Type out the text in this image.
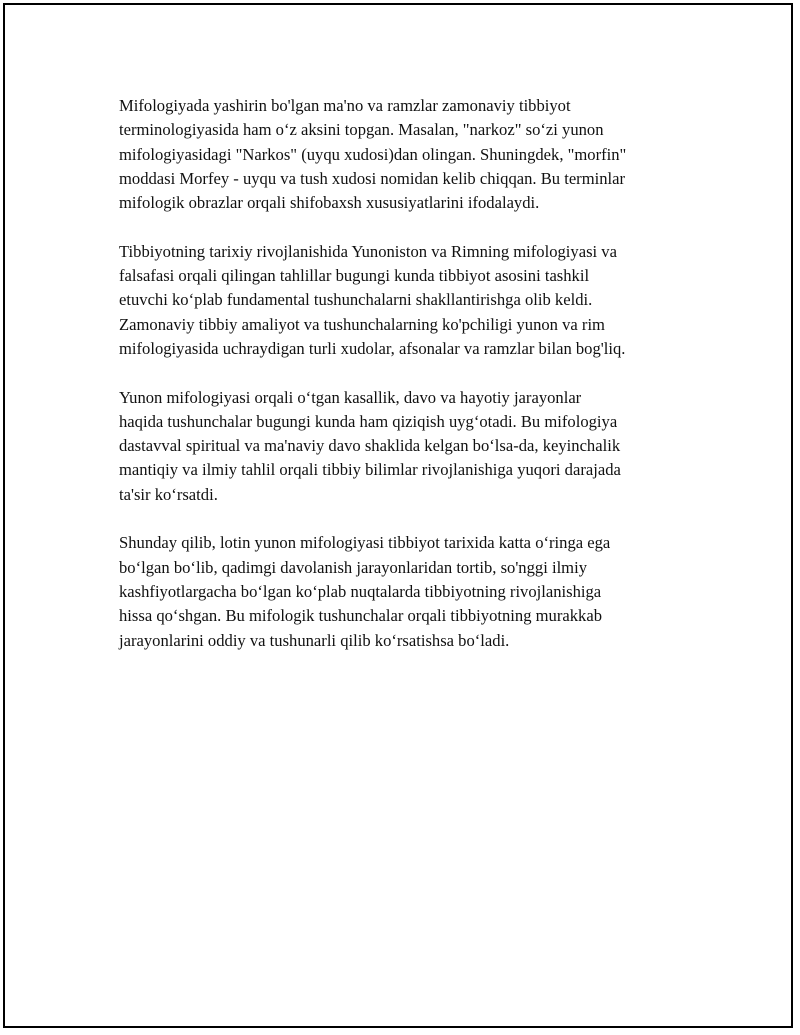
Mifologiyada yashirin bo'lgan ma'no va ramzlar zamonaviy tibbiyot
terminologiyasida ham o‘z aksini topgan. Masalan, "narkoz" so‘zi yunon
mifologiyasidagi "Narkos" (uyqu xudosi)dan olingan. Shuningdek, "morfin"
moddasi Morfey - uyqu va tush xudosi nomidan kelib chiqqan. Bu terminlar
mifologik obrazlar orqali shifobaxsh xususiyatlarini ifodalaydi.

Tibbiyotning tarixiy rivojlanishida Yunoniston va Rimning mifologiyasi va
falsafasi orqali qilingan tahlillar bugungi kunda tibbiyot asosini tashkil
etuvchi ko‘plab fundamental tushunchalarni shakllantirishga olib keldi.
Zamonaviy tibbiy amaliyot va tushunchalarning ko'pchiligi yunon va rim
mifologiyasida uchraydigan turli xudolar, afsonalar va ramzlar bilan bog'liq.

Yunon mifologiyasi orqali o‘tgan kasallik, davo va hayotiy jarayonlar
haqida tushunchalar bugungi kunda ham qiziqish uyg‘otadi. Bu mifologiya
dastavval spiritual va ma'naviy davo shaklida kelgan bo‘lsa-da, keyinchalik
mantiqiy va ilmiy tahlil orqali tibbiy bilimlar rivojlanishiga yuqori darajada
ta'sir ko‘rsatdi.

Shunday qilib, lotin yunon mifologiyasi tibbiyot tarixida katta o‘ringa ega
bo‘lgan bo‘lib, qadimgi davolanish jarayonlaridan tortib, so'nggi ilmiy
kashfiyotlargacha bo‘lgan ko‘plab nuqtalarda tibbiyotning rivojlanishiga
hissa qo‘shgan. Bu mifologik tushunchalar orqali tibbiyotning murakkab
jarayonlarini oddiy va tushunarli qilib ko‘rsatishsa bo‘ladi.
